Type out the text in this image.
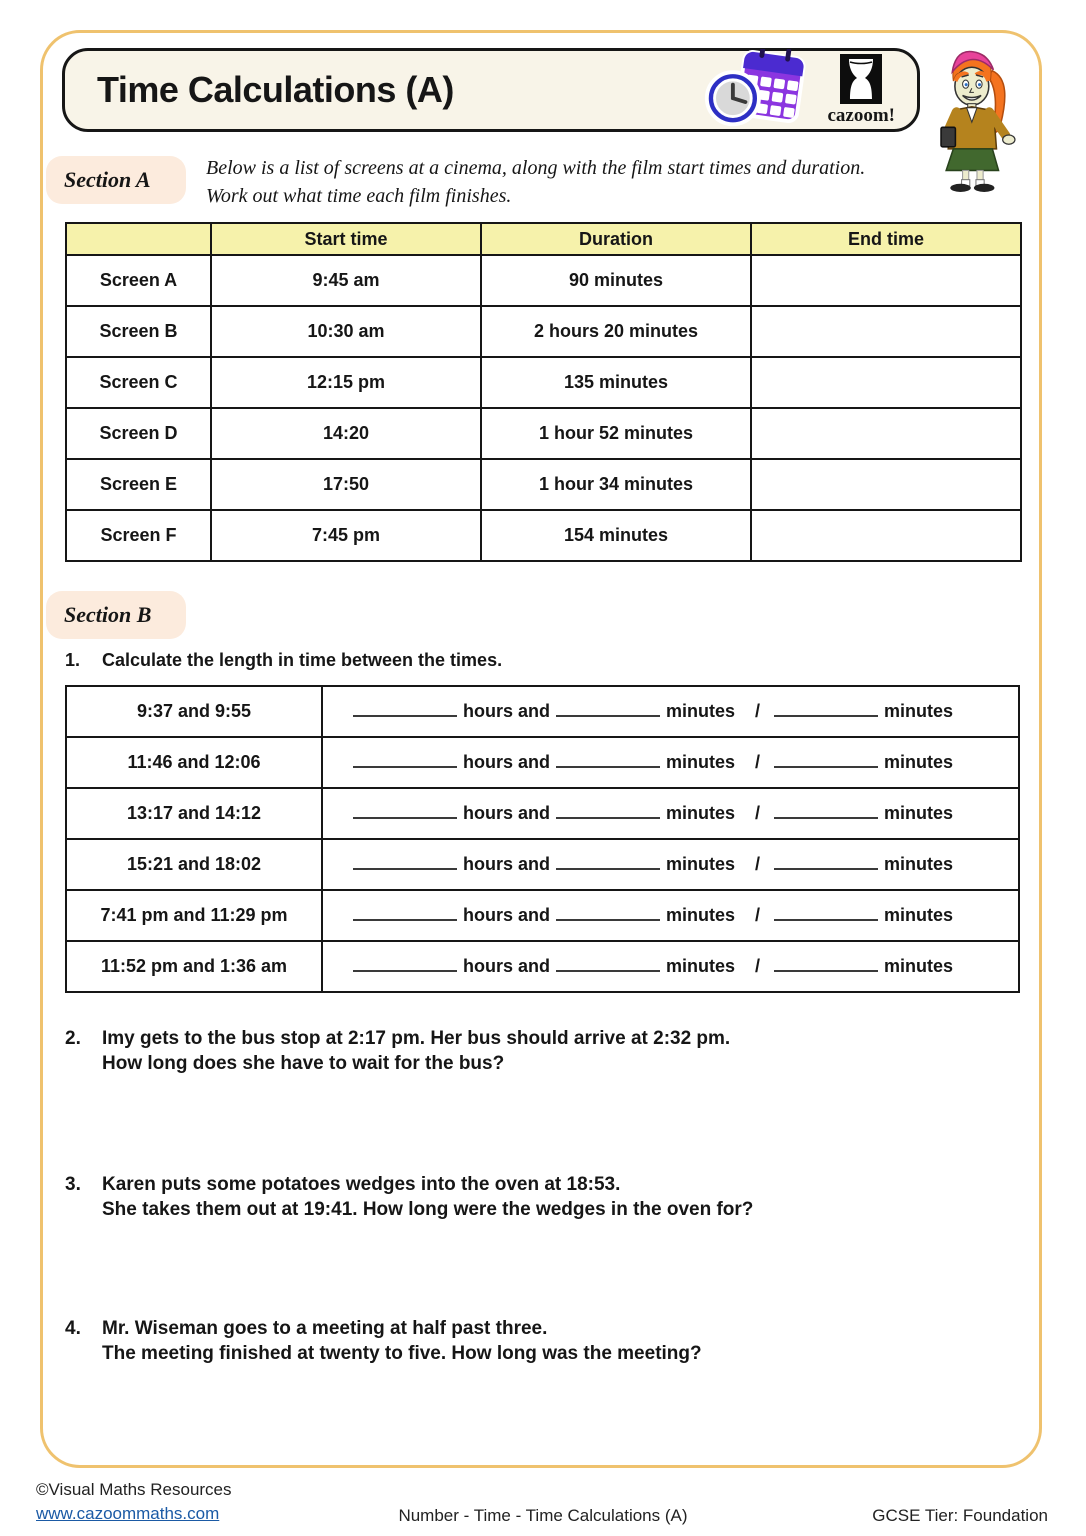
Time Calculations (A)
cazoom!
Section A	Below is a list of screens at a cinema, along with the film start times and duration.

Work out what time each film finishes.

	Start time	Duration	End time
Screen A	9:45 am	90 minutes	
Screen B	10:30 am	2 hours 20 minutes	
Screen C	12:15 pm	135 minutes	
Screen D	14:20	1 hour 52 minutes	
Screen E	17:50	1 hour 34 minutes	
Screen F	7:45 pm	154 minutes	
Section B
1.	Calculate the length in time between the times.
9:37 and 9:55	hours and minutes / minutes
11:46 and 12:06	hours and minutes / minutes
13:17 and 14:12	hours and minutes / minutes
15:21 and 18:02	hours and minutes / minutes
7:41 pm and 11:29 pm	hours and minutes / minutes
11:52 pm and 1:36 am	hours and minutes / minutes
2.	Imy gets to the bus stop at 2:17 pm. Her bus should arrive at 2:32 pm.
How long does she have to wait for the bus?
3.	Karen puts some potatoes wedges into the oven at 18:53.
She takes them out at 19:41. How long were the wedges in the oven for?
4.	Mr. Wiseman goes to a meeting at half past three.
The meeting finished at twenty to five. How long was the meeting?
©Visual Maths Resources
www.cazoommaths.com	Number - Time - Time Calculations (A)	GCSE Tier: Foundation
